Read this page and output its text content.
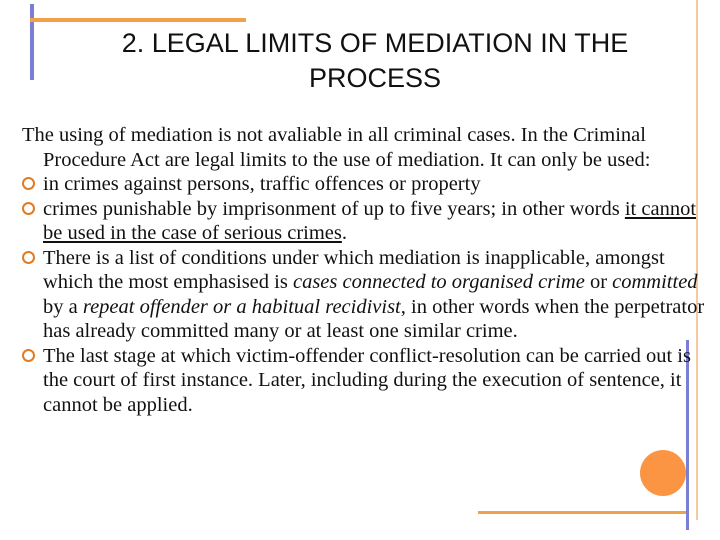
2. LEGAL LIMITS OF MEDIATION IN THE
PROCESS

The using of mediation is not avaliable in all criminal cases. In the Criminal Procedure Act are legal limits to the use of mediation. It can only be used:

in crimes against persons, traffic offences or property
crimes punishable by imprisonment of up to five years; in other words it cannot be used in the case of serious crimes.
There is a list of conditions under which mediation is inapplicable, amongst which the most emphasised is cases connected to organised crime or committed by a repeat offender or a habitual recidivist, in other words when the perpetrator has already committed many or at least one similar crime.
The last stage at which victim-offender conflict-resolution can be carried out is the court of first instance. Later, including during the execution of sentence, it cannot be applied.
